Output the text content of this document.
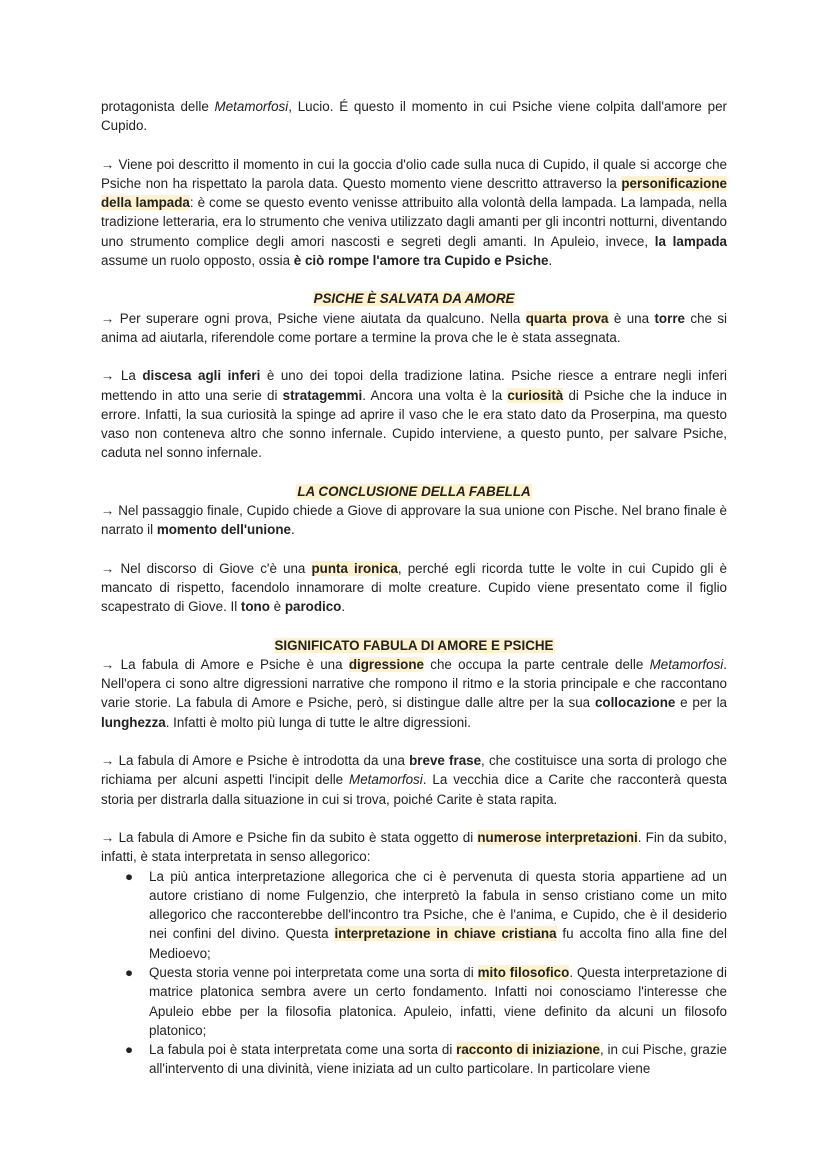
protagonista delle Metamorfosi, Lucio. É questo il momento in cui Psiche viene colpita dall'amore per Cupido.

→ Viene poi descritto il momento in cui la goccia d'olio cade sulla nuca di Cupido, il quale si accorge che Psiche non ha rispettato la parola data. Questo momento viene descritto attraverso la personificazione della lampada: è come se questo evento venisse attribuito alla volontà della lampada. La lampada, nella tradizione letteraria, era lo strumento che veniva utilizzato dagli amanti per gli incontri notturni, diventando uno strumento complice degli amori nascosti e segreti degli amanti. In Apuleio, invece, la lampada assume un ruolo opposto, ossia è ciò rompe l'amore tra Cupido e Psiche.

PSICHE È SALVATA DA AMORE

→ Per superare ogni prova, Psiche viene aiutata da qualcuno. Nella quarta prova è una torre che si anima ad aiutarla, riferendole come portare a termine la prova che le è stata assegnata.

→ La discesa agli inferi è uno dei topoi della tradizione latina. Psiche riesce a entrare negli inferi mettendo in atto una serie di stratagemmi. Ancora una volta è la curiosità di Psiche che la induce in errore. Infatti, la sua curiosità la spinge ad aprire il vaso che le era stato dato da Proserpina, ma questo vaso non conteneva altro che sonno infernale. Cupido interviene, a questo punto, per salvare Psiche, caduta nel sonno infernale.

LA CONCLUSIONE DELLA FABELLA

→ Nel passaggio finale, Cupido chiede a Giove di approvare la sua unione con Pische. Nel brano finale è narrato il momento dell'unione.

→ Nel discorso di Giove c'è una punta ironica, perché egli ricorda tutte le volte in cui Cupido gli è mancato di rispetto, facendolo innamorare di molte creature. Cupido viene presentato come il figlio scapestrato di Giove. Il tono è parodico.

SIGNIFICATO FABULA DI AMORE E PSICHE

→ La fabula di Amore e Psiche è una digressione che occupa la parte centrale delle Metamorfosi. Nell'opera ci sono altre digressioni narrative che rompono il ritmo e la storia principale e che raccontano varie storie. La fabula di Amore e Psiche, però, si distingue dalle altre per la sua collocazione e per la lunghezza. Infatti è molto più lunga di tutte le altre digressioni.

→ La fabula di Amore e Psiche è introdotta da una breve frase, che costituisce una sorta di prologo che richiama per alcuni aspetti l'incipit delle Metamorfosi. La vecchia dice a Carite che racconterà questa storia per distrarla dalla situazione in cui si trova, poiché Carite è stata rapita.

→ La fabula di Amore e Psiche fin da subito è stata oggetto di numerose interpretazioni. Fin da subito, infatti, è stata interpretata in senso allegorico:

● La più antica interpretazione allegorica che ci è pervenuta di questa storia appartiene ad un autore cristiano di nome Fulgenzio, che interpretò la fabula in senso cristiano come un mito allegorico che racconterebbe dell'incontro tra Psiche, che è l'anima, e Cupido, che è il desiderio nei confini del divino. Questa interpretazione in chiave cristiana fu accolta fino alla fine del Medioevo;
● Questa storia venne poi interpretata come una sorta di mito filosofico. Questa interpretazione di matrice platonica sembra avere un certo fondamento. Infatti noi conosciamo l'interesse che Apuleio ebbe per la filosofia platonica. Apuleio, infatti, viene definito da alcuni un filosofo platonico;
● La fabula poi è stata interpretata come una sorta di racconto di iniziazione, in cui Pische, grazie all'intervento di una divinità, viene iniziata ad un culto particolare. In particolare viene
